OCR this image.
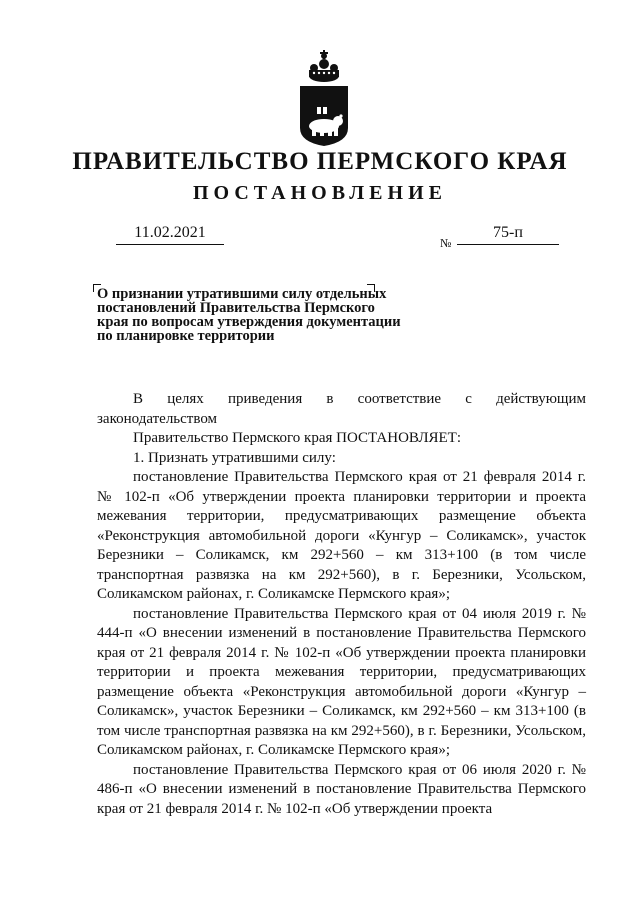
ПРАВИТЕЛЬСТВО ПЕРМСКОГО КРАЯ
ПОСТАНОВЛЕНИЕ
11.02.2021
№
75-п
О признании утратившими силу отдельных
постановлений Правительства Пермского
края по вопросам утверждения документации
по планировке территории

В целях приведения в соответствие с действующим

законодательством

Правительство Пермского края ПОСТАНОВЛЯЕТ:

1. Признать утратившими силу:

постановление Правительства Пермского края от 21 февраля 2014 г. № 102-п «Об утверждении проекта планировки территории и проекта межевания территории, предусматривающих размещение объекта «Реконструкция автомобильной дороги «Кунгур – Соликамск», участок Березники – Соликамск, км 292+560 – км 313+100 (в том числе транспортная развязка на км 292+560), в г. Березники, Усольском, Соликамском районах, г. Соликамске Пермского края»;

постановление Правительства Пермского края от 04 июля 2019 г. № 444-п «О внесении изменений в постановление Правительства Пермского края от 21 февраля 2014 г. № 102-п «Об утверждении проекта планировки территории и проекта межевания территории, предусматривающих размещение объекта «Реконструкция автомобильной дороги «Кунгур – Соликамск», участок Березники – Соликамск, км 292+560 – км 313+100 (в том числе транспортная развязка на км 292+560), в г. Березники, Усольском, Соликамском районах, г. Соликамске Пермского края»;

постановление Правительства Пермского края от 06 июля 2020 г. № 486-п «О внесении изменений в постановление Правительства Пермского края от 21 февраля 2014 г. № 102-п «Об утверждении проекта
